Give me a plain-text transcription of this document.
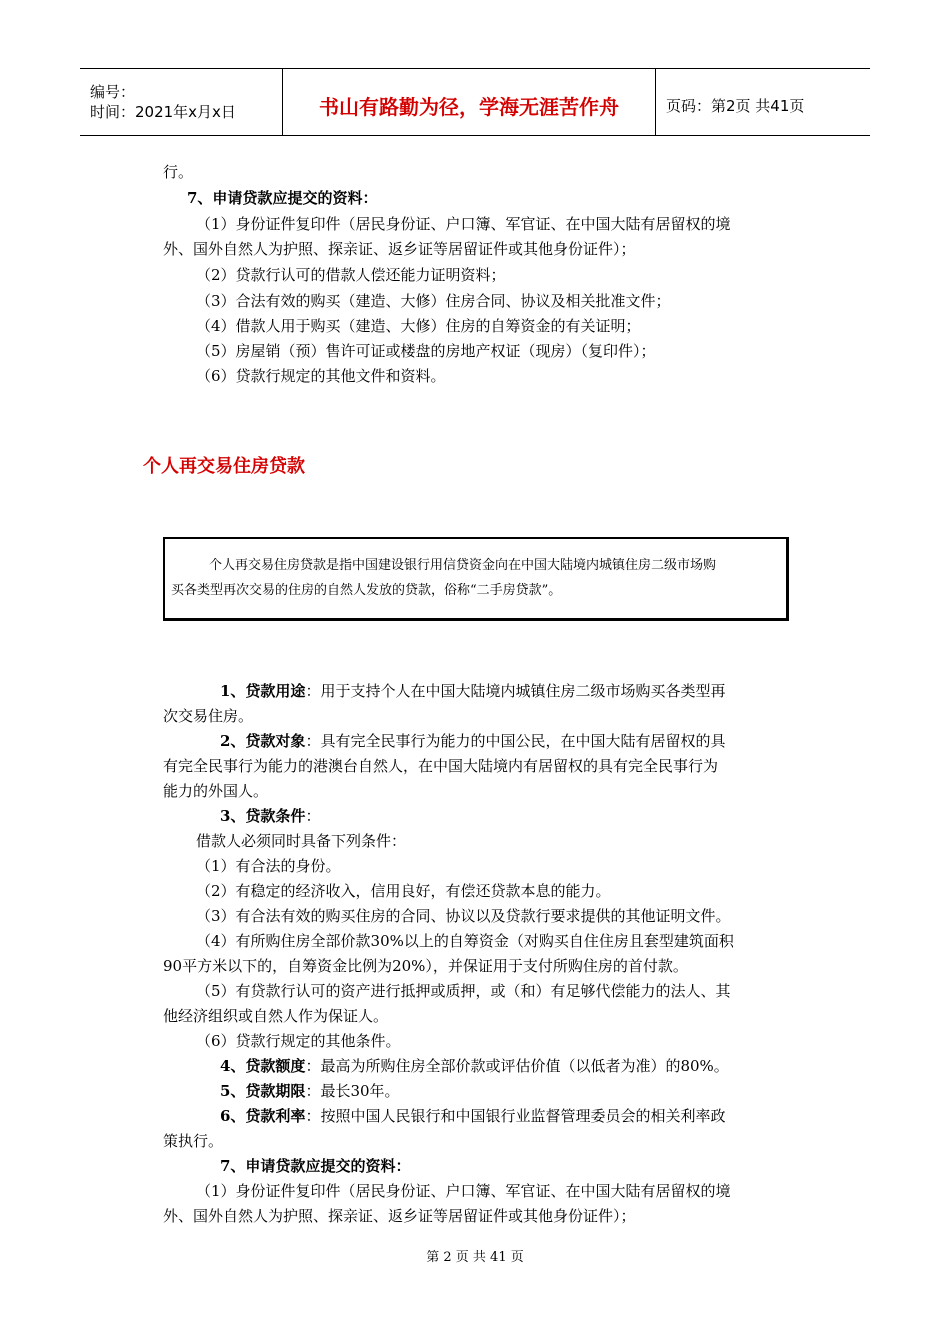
编号：
时间：2021年x月x日	书山有路勤为径，学海无涯苦作舟	页码：第2页 共41页
行。
7、申请贷款应提交的资料：
（1）身份证件复印件（居民身份证、户口簿、军官证、在中国大陆有居留权的境
外、国外自然人为护照、探亲证、返乡证等居留证件或其他身份证件）；
（2）贷款行认可的借款人偿还能力证明资料；
（3）合法有效的购买（建造、大修）住房合同、协议及相关批准文件；
（4）借款人用于购买（建造、大修）住房的自筹资金的有关证明；
（5）房屋销（预）售许可证或楼盘的房地产权证（现房）（复印件）；
（6）贷款行规定的其他文件和资料。
个人再交易住房贷款

个人再交易住房贷款是指中国建设银行用信贷资金向在中国大陆境内城镇住房二级市场购

买各类型再次交易的住房的自然人发放的贷款，俗称“二手房贷款”。

1、贷款用途：用于支持个人在中国大陆境内城镇住房二级市场购买各类型再
次交易住房。
2、贷款对象：具有完全民事行为能力的中国公民，在中国大陆有居留权的具
有完全民事行为能力的港澳台自然人，在中国大陆境内有居留权的具有完全民事行为
能力的外国人。
3、贷款条件：
借款人必须同时具备下列条件：
（1）有合法的身份。
（2）有稳定的经济收入，信用良好，有偿还贷款本息的能力。
（3）有合法有效的购买住房的合同、协议以及贷款行要求提供的其他证明文件。
（4）有所购住房全部价款30%以上的自筹资金（对购买自住住房且套型建筑面积
90平方米以下的，自筹资金比例为20%），并保证用于支付所购住房的首付款。
（5）有贷款行认可的资产进行抵押或质押，或（和）有足够代偿能力的法人、其
他经济组织或自然人作为保证人。
（6）贷款行规定的其他条件。
4、贷款额度：最高为所购住房全部价款或评估价值（以低者为准）的80%。
5、贷款期限：最长30年。
6、贷款利率：按照中国人民银行和中国银行业监督管理委员会的相关利率政
策执行。
7、申请贷款应提交的资料：
（1）身份证件复印件（居民身份证、户口簿、军官证、在中国大陆有居留权的境
外、国外自然人为护照、探亲证、返乡证等居留证件或其他身份证件）；
第 2 页 共 41 页
